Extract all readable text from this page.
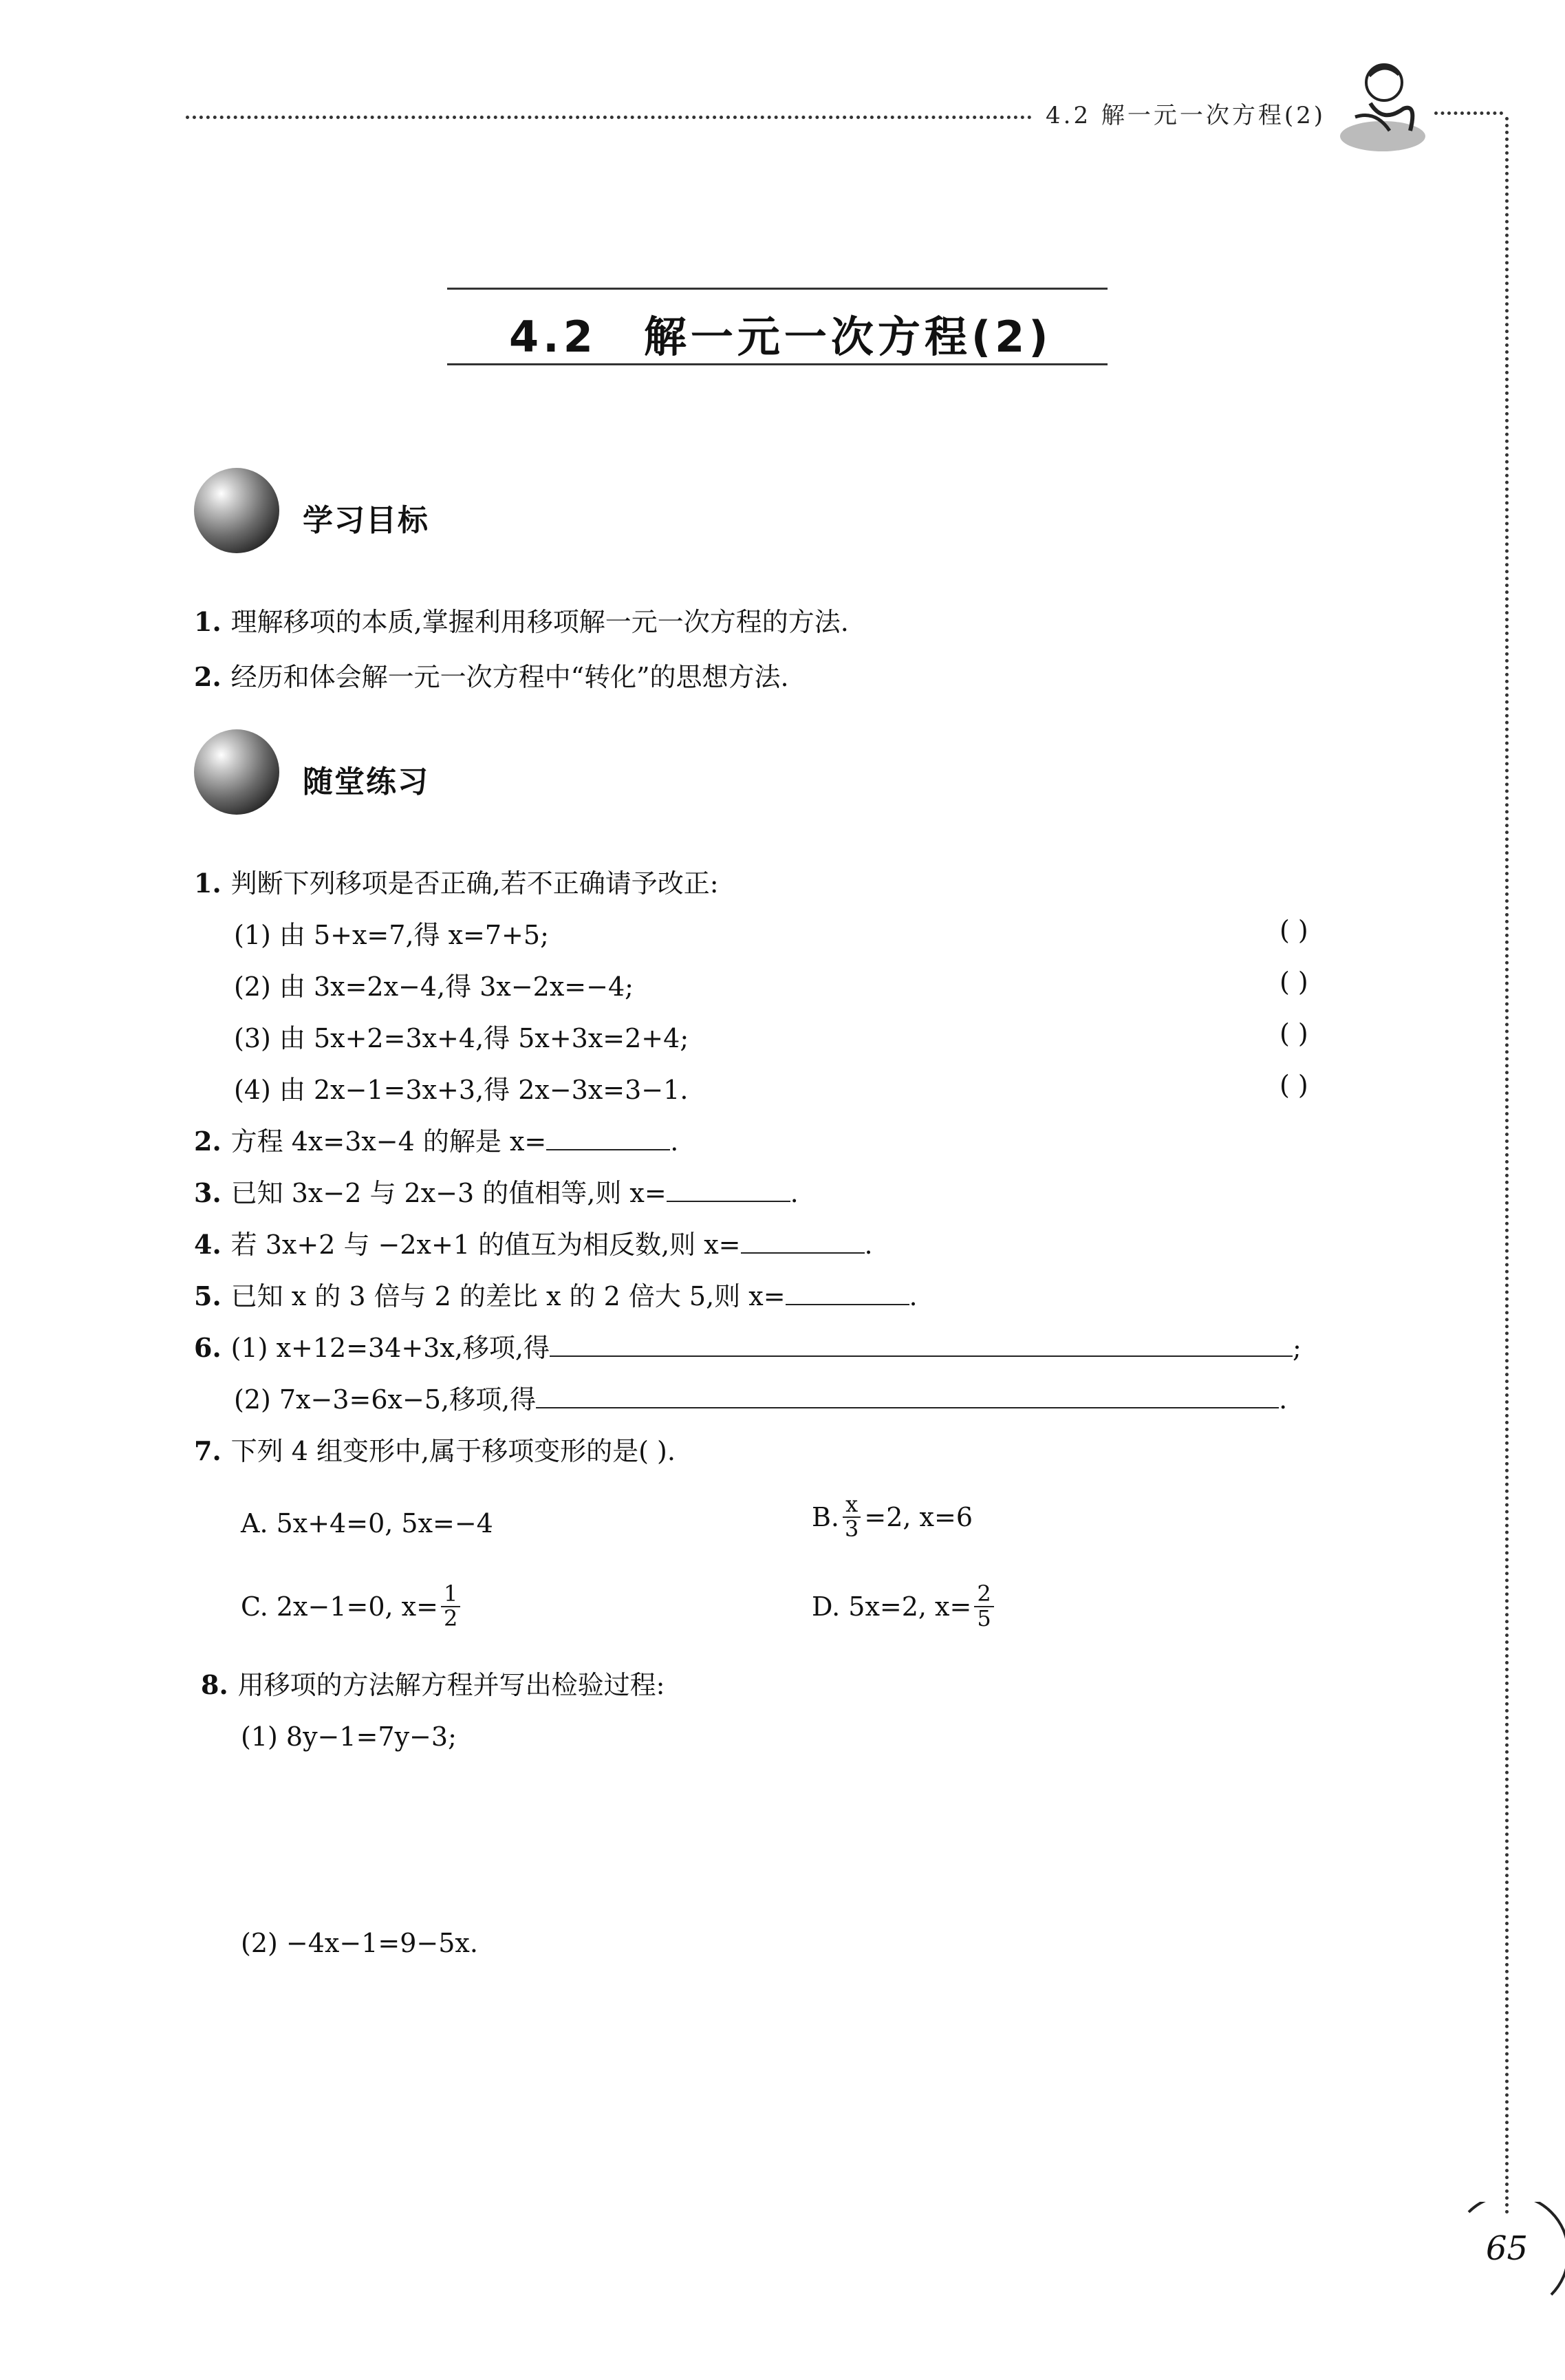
4.2 解一元一次方程(2)
4.2　解一元一次方程(2)
学习目标
1. 理解移项的本质,掌握利用移项解一元一次方程的方法.
2. 经历和体会解一元一次方程中“转化”的思想方法.
随堂练习
1. 判断下列移项是否正确,若不正确请予改正:
(1) 由 5+x=7,得 x=7+5;	( )
(2) 由 3x=2x−4,得 3x−2x=−4;	( )
(3) 由 5x+2=3x+4,得 5x+3x=2+4;	( )
(4) 由 2x−1=3x+3,得 2x−3x=3−1.	( )
2. 方程 4x=3x−4 的解是 x=	.
3. 已知 3x−2 与 2x−3 的值相等,则 x=	.
4. 若 3x+2 与 −2x+1 的值互为相反数,则 x=	.
5. 已知 x 的 3 倍与 2 的差比 x 的 2 倍大 5,则 x=	.
6. (1) x+12=34+3x,移项,得	;
(2) 7x−3=6x−5,移项,得	.
7. 下列 4 组变形中,属于移项变形的是( ).
A. 5x+4=0, 5x=−4	B. $\frac{x}{3} =2$, x=6
C. 2x−1=0, $x= \frac{1}{2}$	D. 5x=2, $x= \frac{2}{5}$
8. 用移项的方法解方程并写出检验过程:
(1) 8y−1=7y−3;
(2) −4x−1=9−5x.
65
